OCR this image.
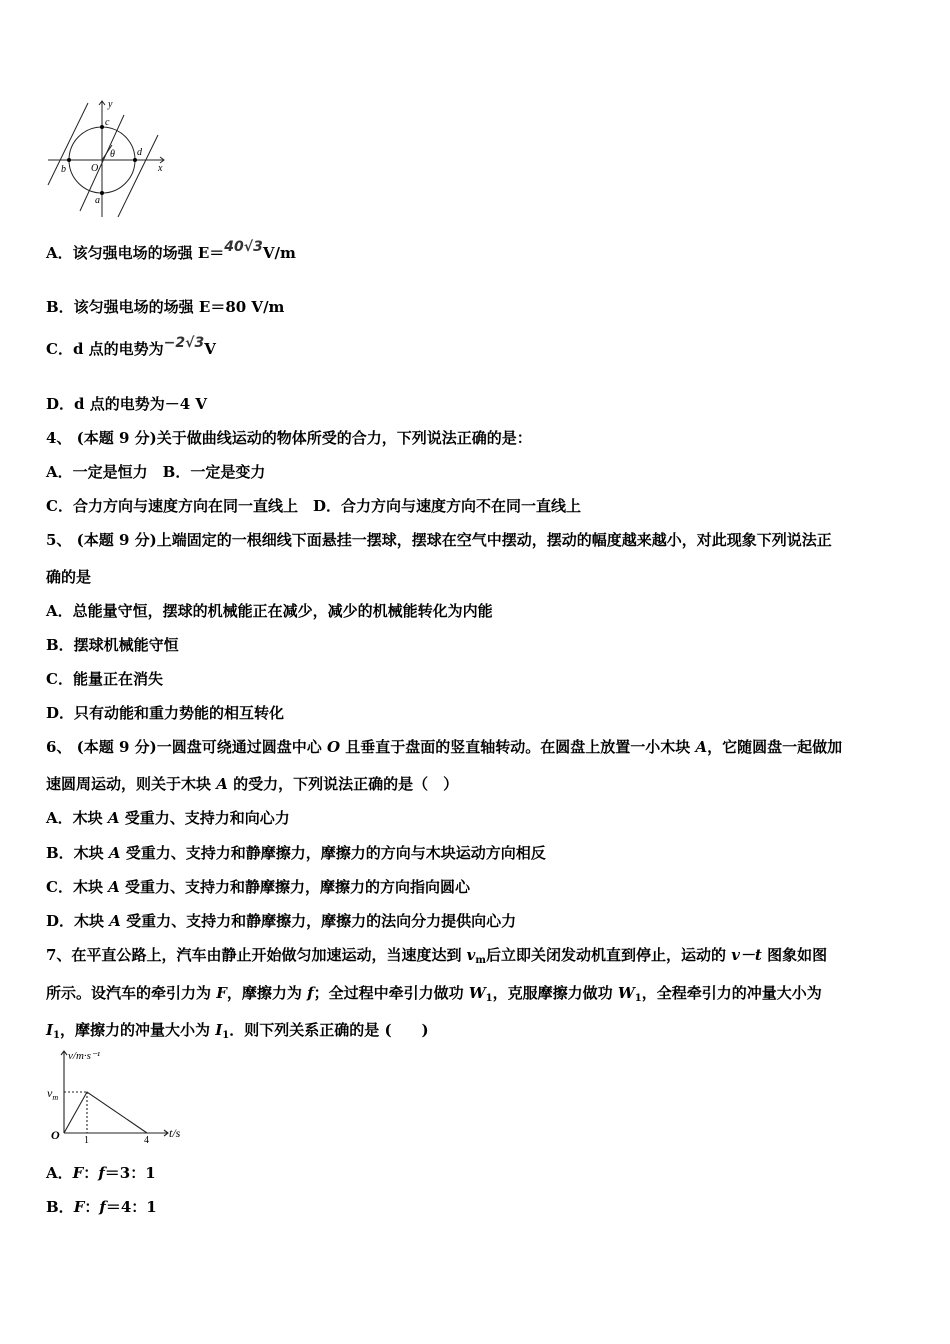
y
x
O
c
b
a
d
θ
A．该匀强电场的场强 E＝40√3V/m
B．该匀强电场的场强 E＝80 V/m
C．d 点的电势为−2√3V
D．d 点的电势为－4 V
4、 (本题 9 分)关于做曲线运动的物体所受的合力，下列说法正确的是：
A．一定是恒力　B．一定是变力
C．合力方向与速度方向在同一直线上　D．合力方向与速度方向不在同一直线上
5、 (本题 9 分)上端固定的一根细线下面悬挂一摆球，摆球在空气中摆动，摆动的幅度越来越小，对此现象下列说法正
确的是
A．总能量守恒，摆球的机械能正在减少，减少的机械能转化为内能
B．摆球机械能守恒
C．能量正在消失
D．只有动能和重力势能的相互转化
6、 (本题 9 分)一圆盘可绕通过圆盘中心 O 且垂直于盘面的竖直轴转动。在圆盘上放置一小木块 A，它随圆盘一起做加
速圆周运动，则关于木块 A 的受力，下列说法正确的是（　）
A．木块 A 受重力、支持力和向心力
B．木块 A 受重力、支持力和静摩擦力，摩擦力的方向与木块运动方向相反
C．木块 A 受重力、支持力和静摩擦力，摩擦力的方向指向圆心
D．木块 A 受重力、支持力和静摩擦力，摩擦力的法向分力提供向心力
7、在平直公路上，汽车由静止开始做匀加速运动，当速度达到 $v_m$后立即关闭发动机直到停止，运动的 v－t 图象如图
所示。设汽车的牵引力为 F，摩擦力为 f；全过程中牵引力做功 $W_1$，克服摩擦力做功 $W_1$，全程牵引力的冲量大小为
$I_1$，摩擦力的冲量大小为 $I_1$．则下列关系正确的是 (　　)
v/m·s⁻¹
$v_m$
O 1	4
t/s
A．F：f＝3：1
B．F：f＝4：1
